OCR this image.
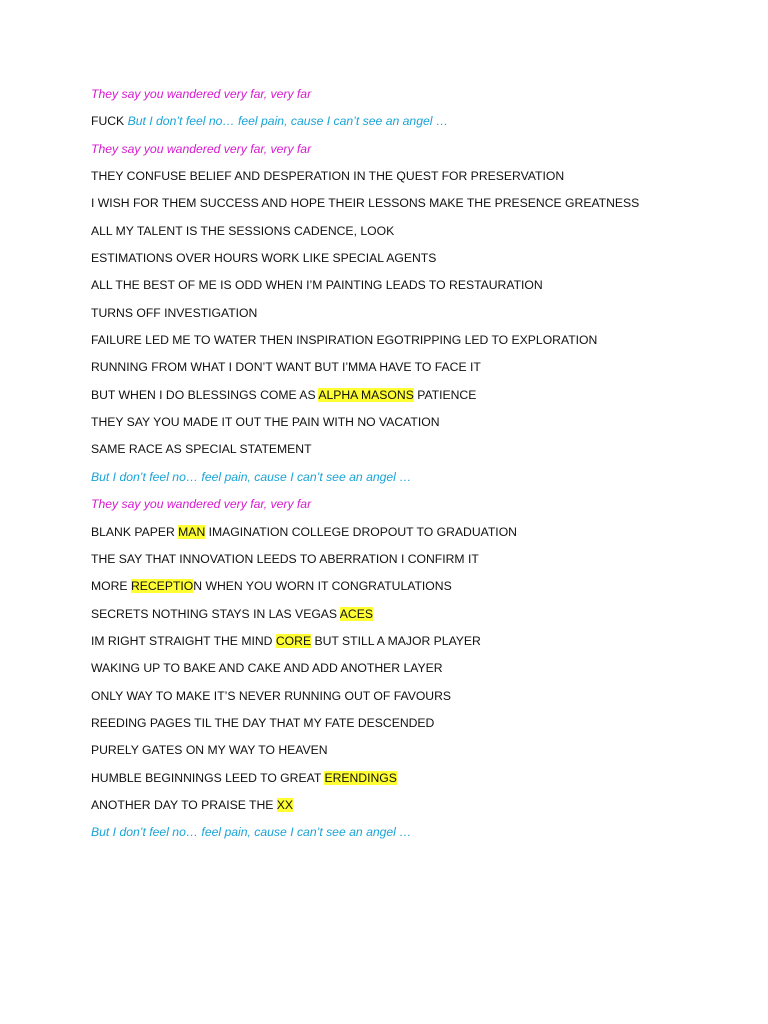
They say you wandered very far, very far
FUCK But I don’t feel no… feel pain, cause I can’t see an angel …
They say you wandered very far, very far
THEY CONFUSE BELIEF AND DESPERATION IN THE QUEST FOR PRESERVATION
I WISH FOR THEM SUCCESS AND HOPE THEIR LESSONS MAKE THE PRESENCE GREATNESS
ALL MY TALENT IS THE SESSIONS CADENCE, LOOK
ESTIMATIONS OVER HOURS WORK LIKE SPECIAL AGENTS
ALL THE BEST OF ME IS ODD WHEN I’M PAINTING LEADS TO RESTAURATION
TURNS OFF INVESTIGATION
FAILURE LED ME TO WATER THEN INSPIRATION EGOTRIPPING LED TO EXPLORATION
RUNNING FROM WHAT I DON’T WANT BUT I’MMA HAVE TO FACE IT
BUT WHEN I DO BLESSINGS COME AS ALPHA MASONS PATIENCE
THEY SAY YOU MADE IT OUT THE PAIN WITH NO VACATION
SAME RACE AS SPECIAL STATEMENT
But I don’t feel no… feel pain, cause I can’t see an angel …
They say you wandered very far, very far
BLANK PAPER MAN IMAGINATION COLLEGE DROPOUT TO GRADUATION
THE SAY THAT INNOVATION LEEDS TO ABERRATION I CONFIRM IT
MORE RECEPTION WHEN YOU WORN IT CONGRATULATIONS
SECRETS NOTHING STAYS IN LAS VEGAS ACES
IM RIGHT STRAIGHT THE MIND CORE BUT STILL A MAJOR PLAYER
WAKING UP TO BAKE AND CAKE AND ADD ANOTHER LAYER
ONLY WAY TO MAKE IT’S NEVER RUNNING OUT OF FAVOURS
REEDING PAGES TIL THE DAY THAT MY FATE DESCENDED
PURELY GATES ON MY WAY TO HEAVEN
HUMBLE BEGINNINGS LEED TO GREAT ERENDINGS
ANOTHER DAY TO PRAISE THE XX
But I don’t feel no… feel pain, cause I can’t see an angel …
